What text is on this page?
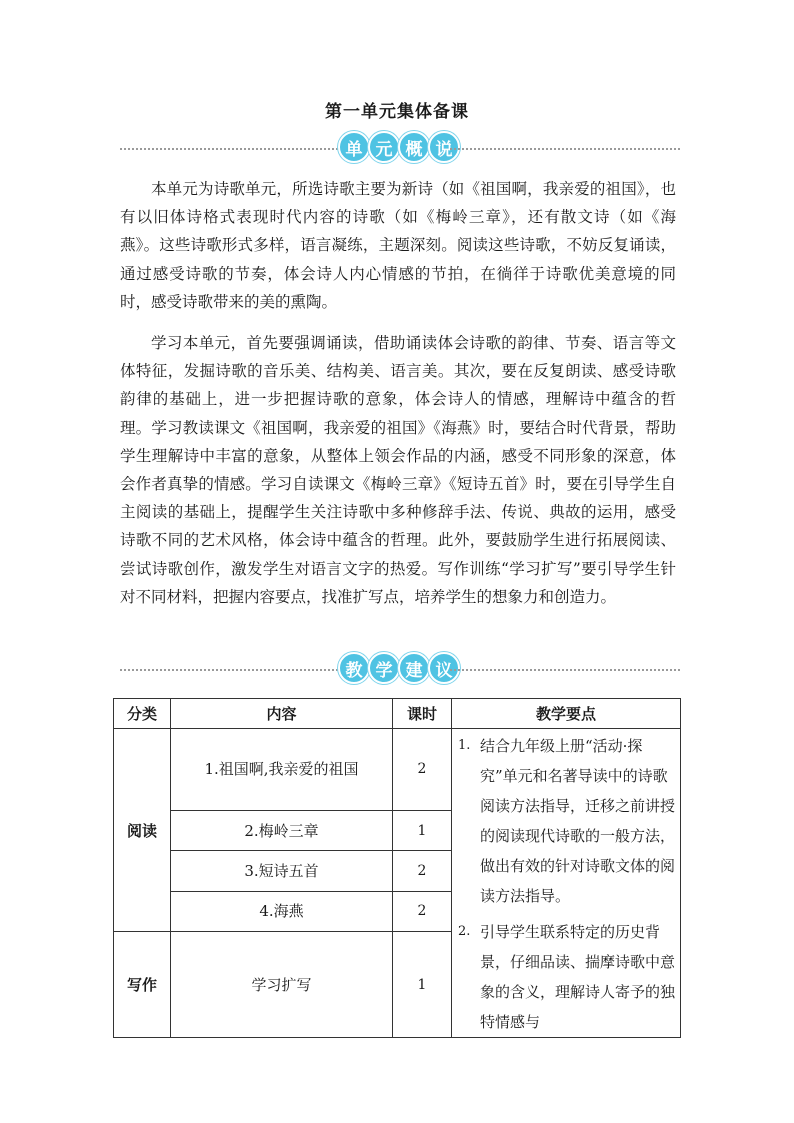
第一单元集体备课
单 元 概 说

本单元为诗歌单元，所选诗歌主要为新诗（如《祖国啊，我亲爱的祖国》，也有以旧体诗格式表现时代内容的诗歌（如《梅岭三章》，还有散文诗（如《海燕》。这些诗歌形式多样，语言凝练，主题深刻。阅读这些诗歌，不妨反复诵读，通过感受诗歌的节奏，体会诗人内心情感的节拍，在徜徉于诗歌优美意境的同时，感受诗歌带来的美的熏陶。

学习本单元，首先要强调诵读，借助诵读体会诗歌的韵律、节奏、语言等文体特征，发掘诗歌的音乐美、结构美、语言美。其次，要在反复朗读、感受诗歌韵律的基础上，进一步把握诗歌的意象，体会诗人的情感，理解诗中蕴含的哲理。学习教读课文《祖国啊，我亲爱的祖国》《海燕》时，要结合时代背景，帮助学生理解诗中丰富的意象，从整体上领会作品的内涵，感受不同形象的深意，体会作者真挚的情感。学习自读课文《梅岭三章》《短诗五首》时，要在引导学生自主阅读的基础上，提醒学生关注诗歌中多种修辞手法、传说、典故的运用，感受诗歌不同的艺术风格，体会诗中蕴含的哲理。此外，要鼓励学生进行拓展阅读、尝试诗歌创作，激发学生对语言文字的热爱。写作训练“学习扩写”要引导学生针对不同材料，把握内容要点，找准扩写点，培养学生的想象力和创造力。

教 学 建 议
分类	内容	课时	教学要点
阅读	1.祖国啊,我亲爱的祖国	2	1. 结合九年级上册“活动·探究”单元和名著导读中的诗歌阅读方法指导，迁移之前讲授的阅读现代诗歌的一般方法，做出有效的针对诗歌文体的阅读方法指导。
2. 引导学生联系特定的历史背景，仔细品读、揣摩诗歌中意象的含义，理解诗人寄予的独特情感与

	2.梅岭三章	1	
	3.短诗五首	2	
	4.海燕	2	
写作	学习扩写	1	
